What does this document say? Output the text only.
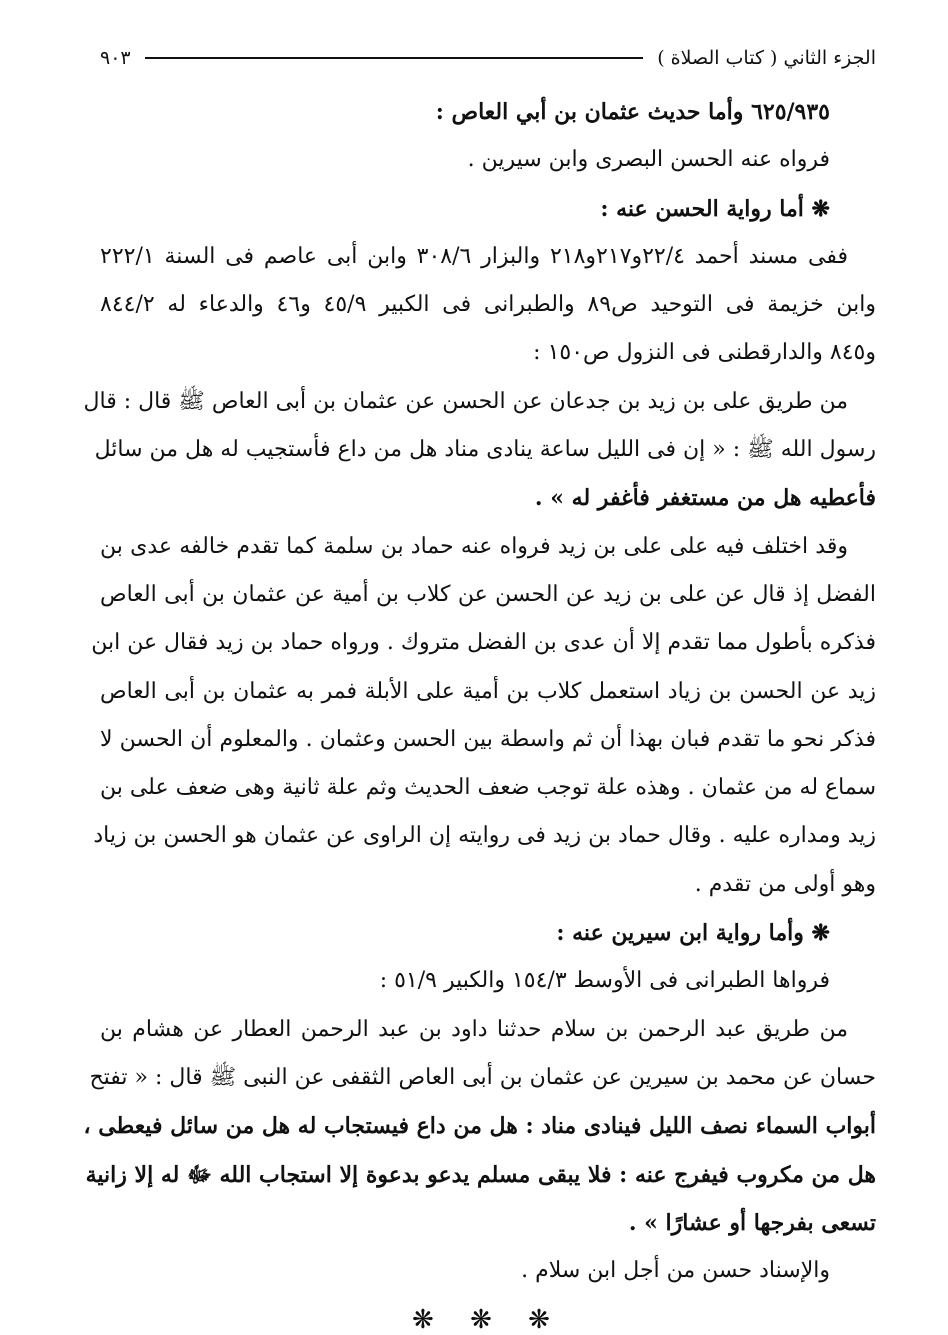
الجزء الثاني ( كتاب الصلاة )
٩٠٣
٦٢٥/٩٣٥ وأما حديث عثمان بن أبي العاص :
فرواه عنه الحسن البصرى وابن سيرين .
❋ أما رواية الحسن عنه :
ففى مسند أحمد ٢٢/٤و٢١٧و٢١٨ والبزار ٣٠٨/٦ وابن أبى عاصم فى السنة ٢٢٢/١
وابن خزيمة فى التوحيد ص٨٩ والطبرانى فى الكبير ٤٥/٩ و٤٦ والدعاء له ٨٤٤/٢
و٨٤٥ والدارقطنى فى النزول ص١٥٠ :
من طريق على بن زيد بن جدعان عن الحسن عن عثمان بن أبى العاص ﷺ قال : قال
رسول الله ﷺ : « إن فى الليل ساعة ينادى مناد هل من داع فأستجيب له هل من سائل
فأعطيه هل من مستغفر فأغفر له » .
وقد اختلف فيه على على بن زيد فرواه عنه حماد بن سلمة كما تقدم خالفه عدى بن
الفضل إذ قال عن على بن زيد عن الحسن عن كلاب بن أمية عن عثمان بن أبى العاص
فذكره بأطول مما تقدم إلا أن عدى بن الفضل متروك . ورواه حماد بن زيد فقال عن ابن
زيد عن الحسن بن زياد استعمل كلاب بن أمية على الأبلة فمر به عثمان بن أبى العاص
فذكر نحو ما تقدم فبان بهذا أن ثم واسطة بين الحسن وعثمان . والمعلوم أن الحسن لا
سماع له من عثمان . وهذه علة توجب ضعف الحديث وثم علة ثانية وهى ضعف على بن
زيد ومداره عليه . وقال حماد بن زيد فى روايته إن الراوى عن عثمان هو الحسن بن زياد
وهو أولى من تقدم .
❋ وأما رواية ابن سيرين عنه :
فرواها الطبرانى فى الأوسط ١٥٤/٣ والكبير ٥١/٩ :
من طريق عبد الرحمن بن سلام حدثنا داود بن عبد الرحمن العطار عن هشام بن
حسان عن محمد بن سيرين عن عثمان بن أبى العاص الثقفى عن النبى ﷺ قال : « تفتح
أبواب السماء نصف الليل فينادى مناد : هل من داع فيستجاب له هل من سائل فيعطى ،
هل من مكروب فيفرج عنه : فلا يبقى مسلم يدعو بدعوة إلا استجاب الله ﷻ له إلا زانية
تسعى بفرجها أو عشارًا » .
والإسناد حسن من أجل ابن سلام .
❋ ❋ ❋
